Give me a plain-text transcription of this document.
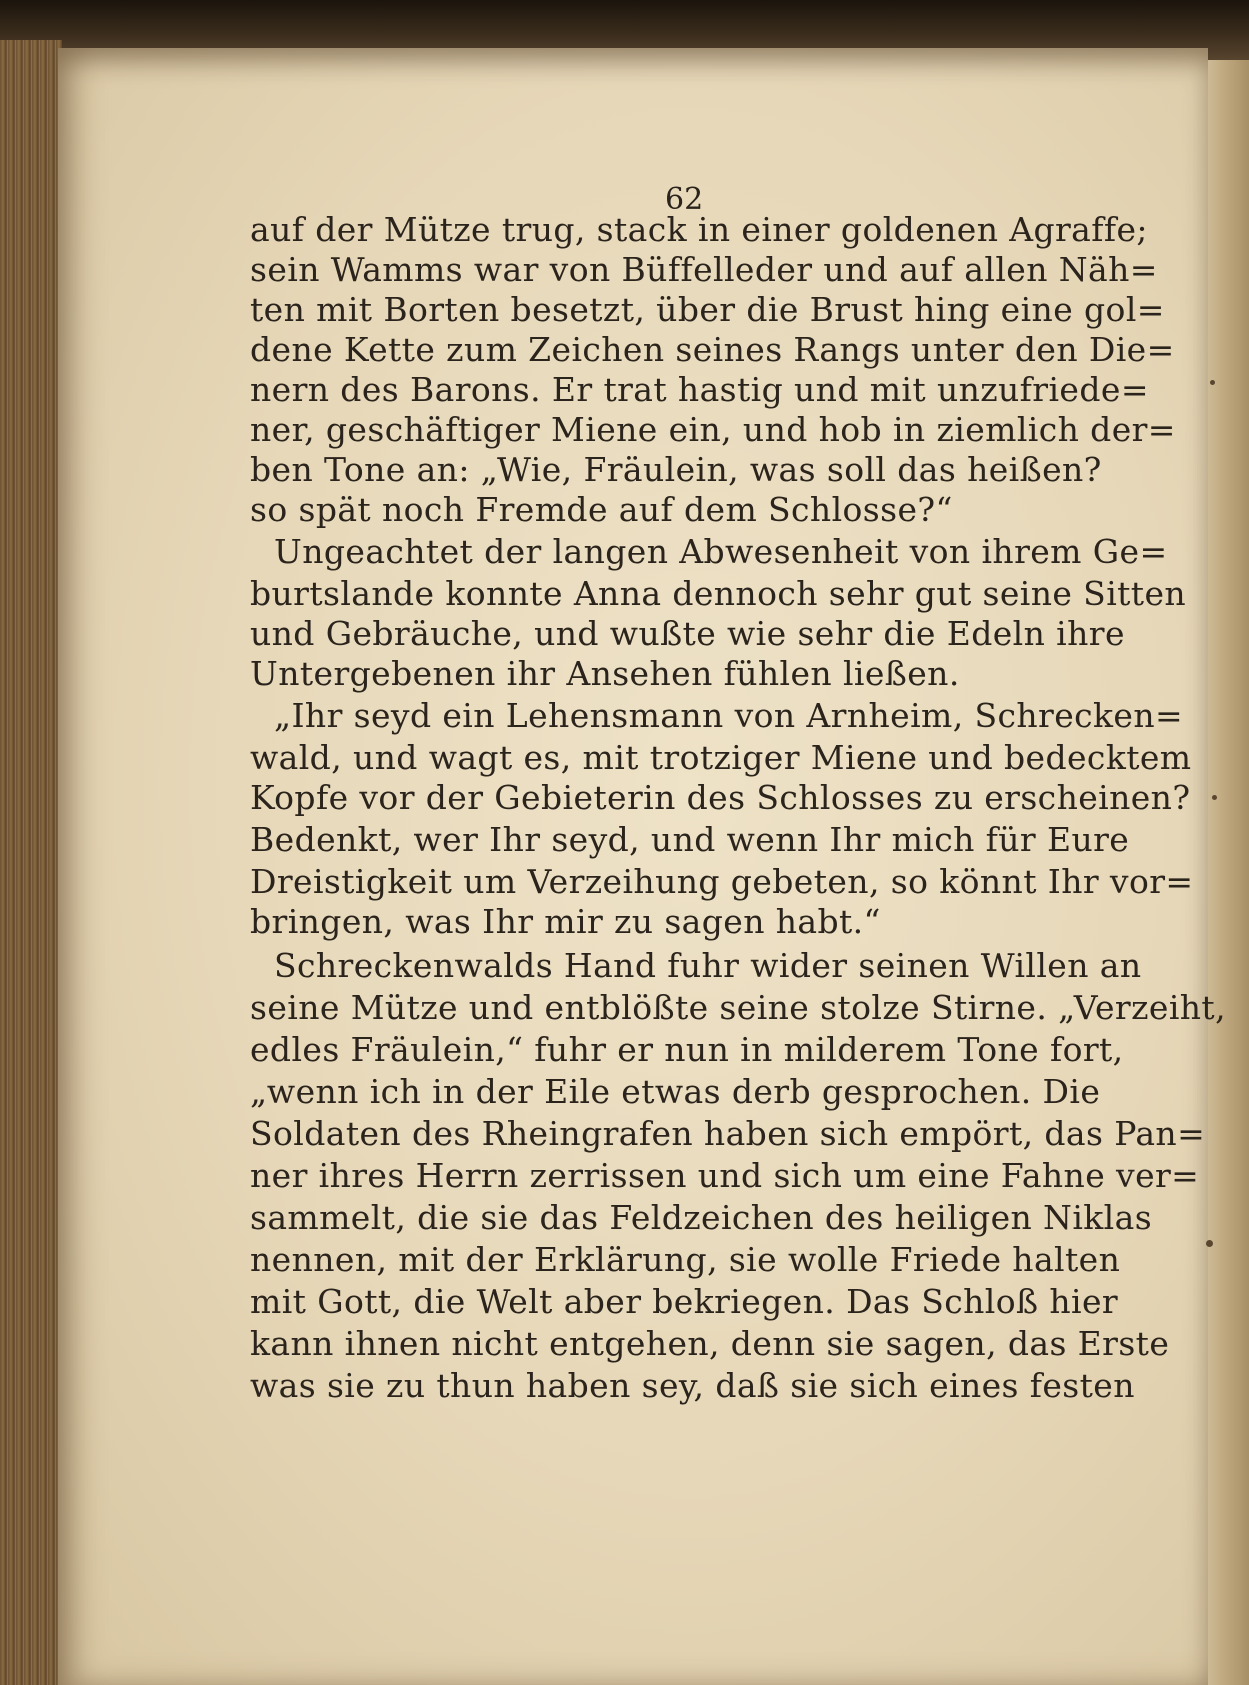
62
auf der Mütze trug, stack in einer goldenen Agraffe;
sein Wamms war von Büffelleder und auf allen Näh=
ten mit Borten besetzt, über die Brust hing eine gol=
dene Kette zum Zeichen seines Rangs unter den Die=
nern des Barons. Er trat hastig und mit unzufriede=
ner, geschäftiger Miene ein, und hob in ziemlich der=
ben Tone an: „Wie, Fräulein, was soll das heißen?
so spät noch Fremde auf dem Schlosse?“
Ungeachtet der langen Abwesenheit von ihrem Ge=
burtslande konnte Anna dennoch sehr gut seine Sitten
und Gebräuche, und wußte wie sehr die Edeln ihre
Untergebenen ihr Ansehen fühlen ließen.
„Ihr seyd ein Lehensmann von Arnheim, Schrecken=
wald, und wagt es, mit trotziger Miene und bedecktem
Kopfe vor der Gebieterin des Schlosses zu erscheinen?
Bedenkt, wer Ihr seyd, und wenn Ihr mich für Eure
Dreistigkeit um Verzeihung gebeten, so könnt Ihr vor=
bringen, was Ihr mir zu sagen habt.“
Schreckenwalds Hand fuhr wider seinen Willen an
seine Mütze und entblößte seine stolze Stirne. „Verzeiht,
edles Fräulein,“ fuhr er nun in milderem Tone fort,
„wenn ich in der Eile etwas derb gesprochen. Die
Soldaten des Rheingrafen haben sich empört, das Pan=
ner ihres Herrn zerrissen und sich um eine Fahne ver=
sammelt, die sie das Feldzeichen des heiligen Niklas
nennen, mit der Erklärung, sie wolle Friede halten
mit Gott, die Welt aber bekriegen. Das Schloß hier
kann ihnen nicht entgehen, denn sie sagen, das Erste
was sie zu thun haben sey, daß sie sich eines festen
